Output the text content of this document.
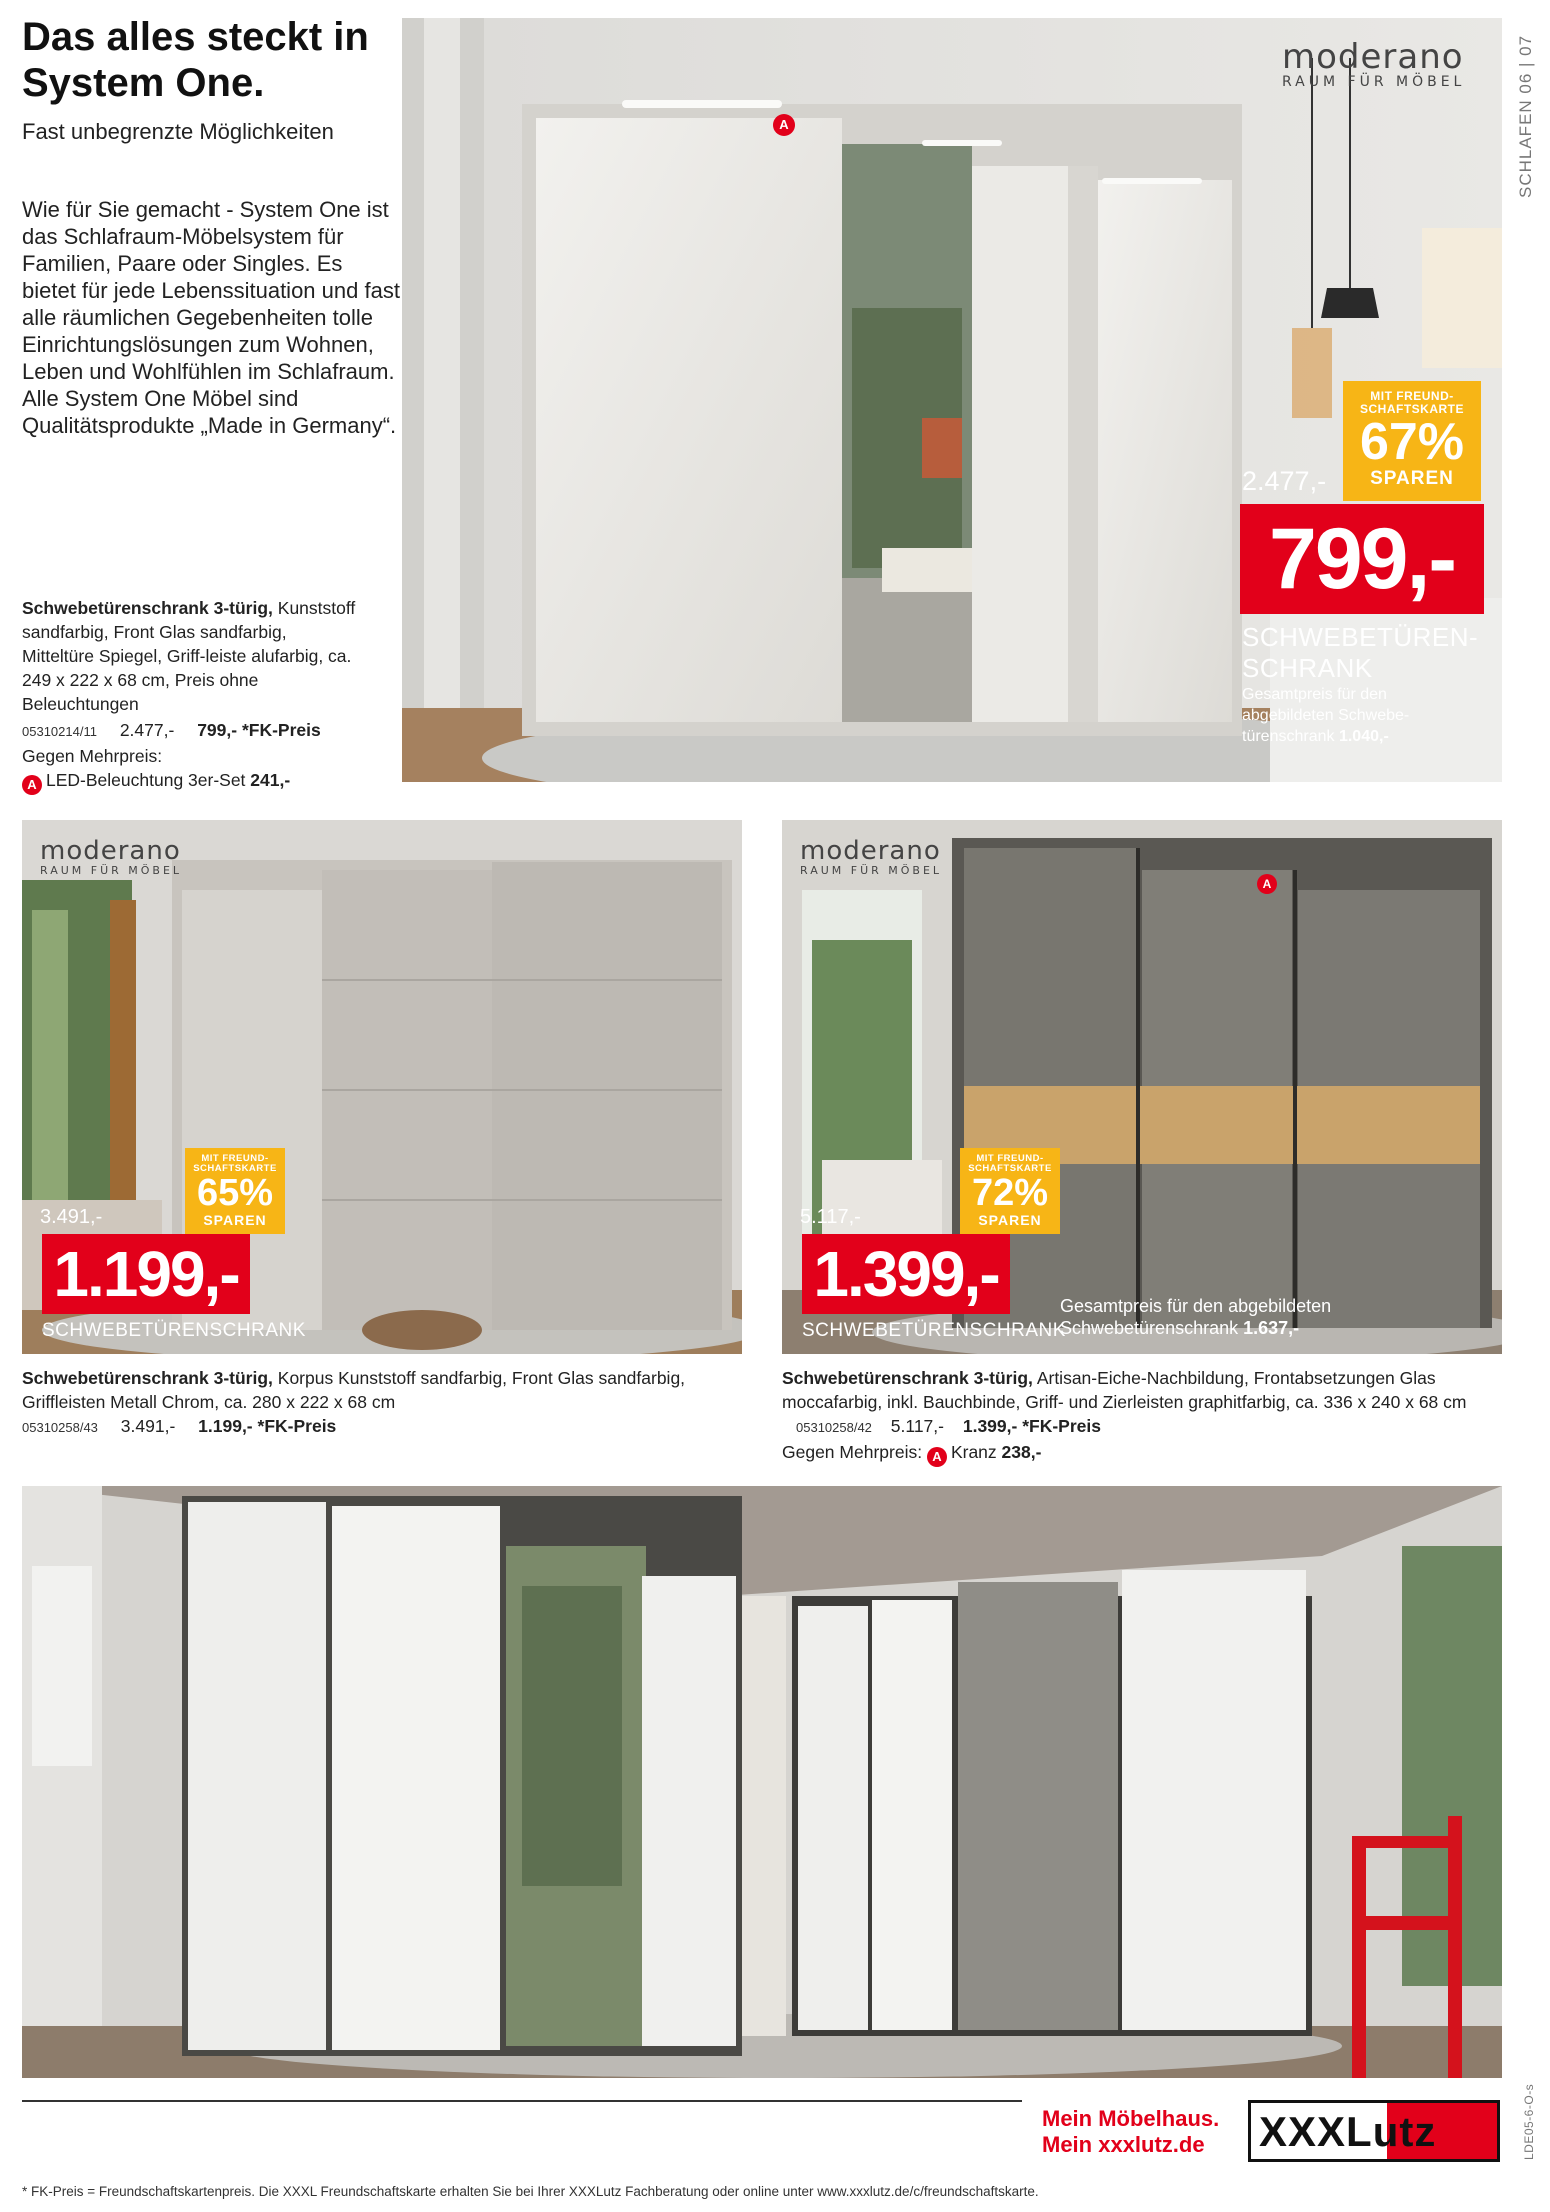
Das alles steckt in System One.
Fast unbegrenzte Möglichkeiten
Wie für Sie gemacht - System One ist das Schlafraum-Möbelsystem für Familien, Paare oder Singles. Es bietet für jede Lebenssituation und fast alle räumlichen Gegebenheiten tolle Einrichtungslösungen zum Wohnen, Leben und Wohlfühlen im Schlafraum. Alle System One Möbel sind Qualitätsprodukte „Made in Germany“.
Schwebetürenschrank 3-türig, Kunststoff sandfarbig, Front Glas sandfarbig, Mitteltüre Spiegel, Griff-leiste alufarbig, ca. 249 x 222 x 68 cm, Preis ohne Beleuchtungen
05310214/11 2.477,- 799,- *FK-Preis
Gegen Mehrpreis:
A LED-Beleuchtung 3er-Set 241,-
A
moderano
RAUM FÜR MÖBEL
MIT FREUND-
SCHAFTSKARTE
67%
SPAREN
2.477,-
799,-
SCHWEBETÜREN-
SCHRANK
Gesamtpreis für den abgebildeten Schwebe-türenschrank 1.040,-
SCHLAFEN 06 | 07
moderano
RAUM FÜR MÖBEL
MIT FREUND-
SCHAFTSKARTE
65%
SPAREN
3.491,-
1.199,-
SCHWEBETÜRENSCHRANK
A
moderano
RAUM FÜR MÖBEL
MIT FREUND-
SCHAFTSKARTE
72%
SPAREN
5.117,-
1.399,-
SCHWEBETÜRENSCHRANK
Gesamtpreis für den abgebildeten
Schwebetürenschrank 1.637,-
Schwebetürenschrank 3-türig, Korpus Kunststoff sandfarbig, Front Glas sandfarbig, Griffleisten Metall Chrom, ca. 280 x 222 x 68 cm
05310258/43 3.491,- 1.199,- *FK-Preis
Schwebetürenschrank 3-türig, Artisan-Eiche-Nachbildung, Frontabsetzungen Glas moccafarbig, inkl. Bauchbinde, Griff- und Zierleisten graphitfarbig, ca. 336 x 240 x 68 cm 05310258/42 5.117,- 1.399,- *FK-Preis
Gegen Mehrpreis: A Kranz 238,-
Mein Möbelhaus.
Mein xxxlutz.de	XXXLutz	LDE05-6-O-s
* FK-Preis = Freundschaftskartenpreis. Die XXXL Freundschaftskarte erhalten Sie bei Ihrer XXXLutz Fachberatung oder online unter www.xxxlutz.de/c/freundschaftskarte.
